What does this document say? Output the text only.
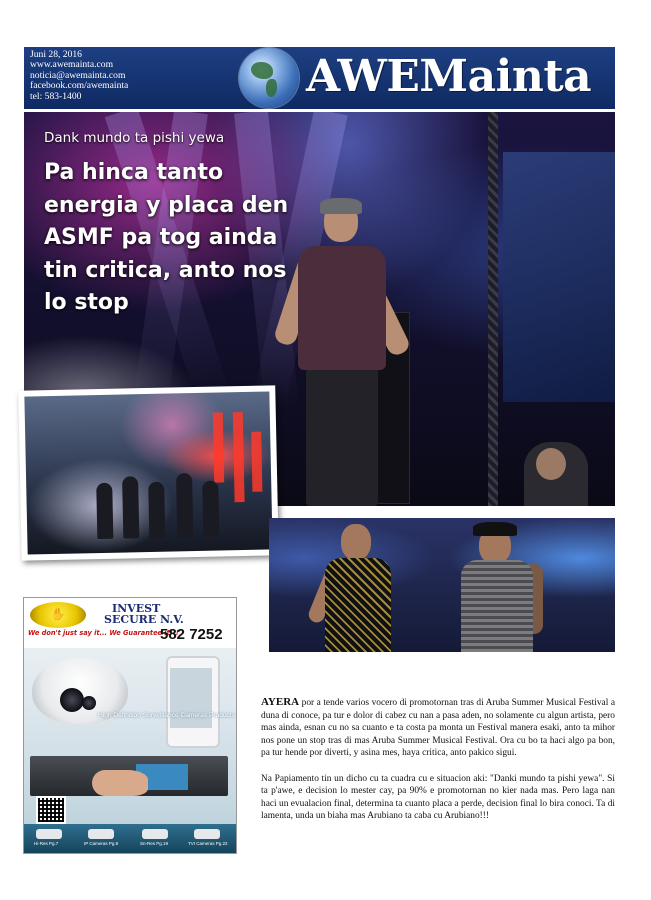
Juni 28, 2016
www.awemainta.com
noticia@awemainta.com
facebook.com/awemainta
tel: 583-1400	AWEMainta
Dank mundo ta pishi yewa
Pa hinca tanto energia y placa den ASMF pa tog ainda tin critica, anto nos lo stop
✋	INVEST
SECURE N.V.
We don't just say it... We Guarantee it!!!
582 7252
High Definition Surveillance Cameras Products
Hi-Res Pg.7	IP Cameras Pg.9	Sn-Res Pg.19	TVI Cameras Pg.22

AYERA por a tende varios vocero di promotornan tras di Aruba Summer Musical Festival a duna di conoce, pa tur e dolor di cabez cu nan a pasa aden, no solamente cu algun artista, pero mas ainda, esnan cu no sa cuanto e ta costa pa monta un Festival manera esaki, anto ta mihor nos pone un stop tras di mas Aruba Summer Musical Festival. Ora cu bo ta haci algo pa bon, pa tur hende por diverti, y asina mes, haya critica, anto pakico sigui.

Na Papiamento tin un dicho cu ta cuadra cu e situacion aki: "Danki mundo ta pishi yewa". Si ta p'awe, e decision lo mester cay, pa 90% e promotornan no kier nada mas. Pero laga nan haci un evualacion final, determina ta cuanto placa a perde, decision final lo bira conoci. Ta di lamenta, unda un biaha mas Arubiano ta caba cu Arubiano!!!
